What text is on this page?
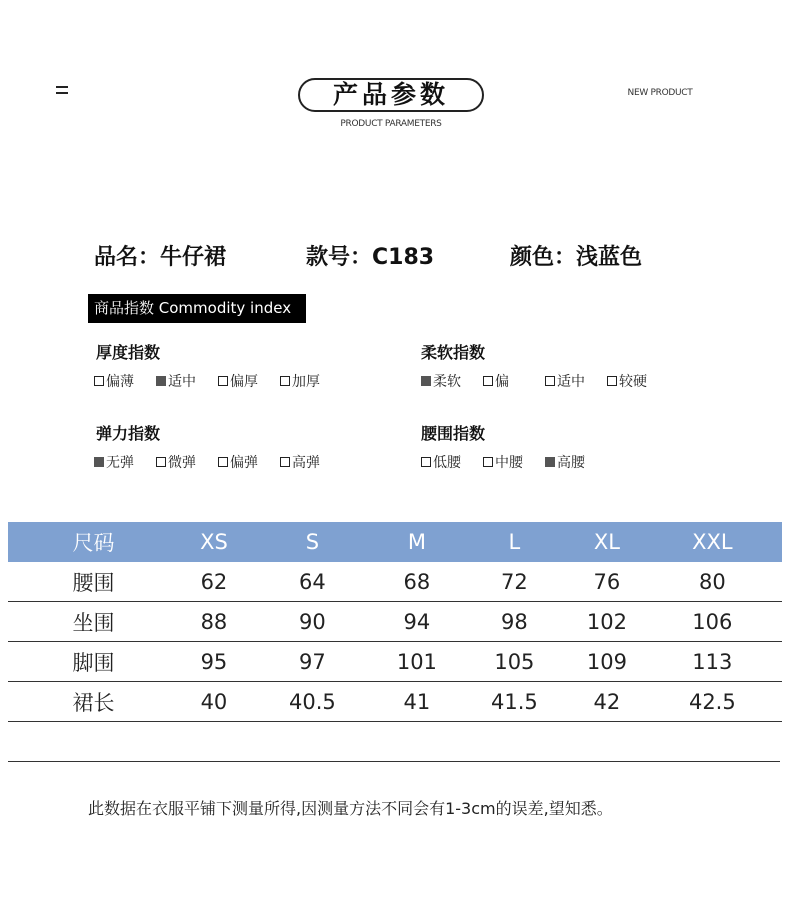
产品参数
PRODUCT PARAMETERS
NEW PRODUCT
品名：牛仔裙	款号：C183	颜色：浅蓝色
商品指数 Commodity index
厚度指数
偏薄 适中 偏厚 加厚
柔软指数
柔软 偏	适中 较硬
弹力指数
无弹 微弹 偏弹 高弹
腰围指数
低腰 中腰 高腰
尺码	XS	S	M	L	XL	XXL
腰围	62	64	68	72	76	80
坐围	88	90	94	98	102	106
脚围	95	97	101	105	109	113
裙长	40	40.5	41	41.5	42	42.5
此数据在衣服平铺下测量所得,因测量方法不同会有1-3cm的误差,望知悉。
